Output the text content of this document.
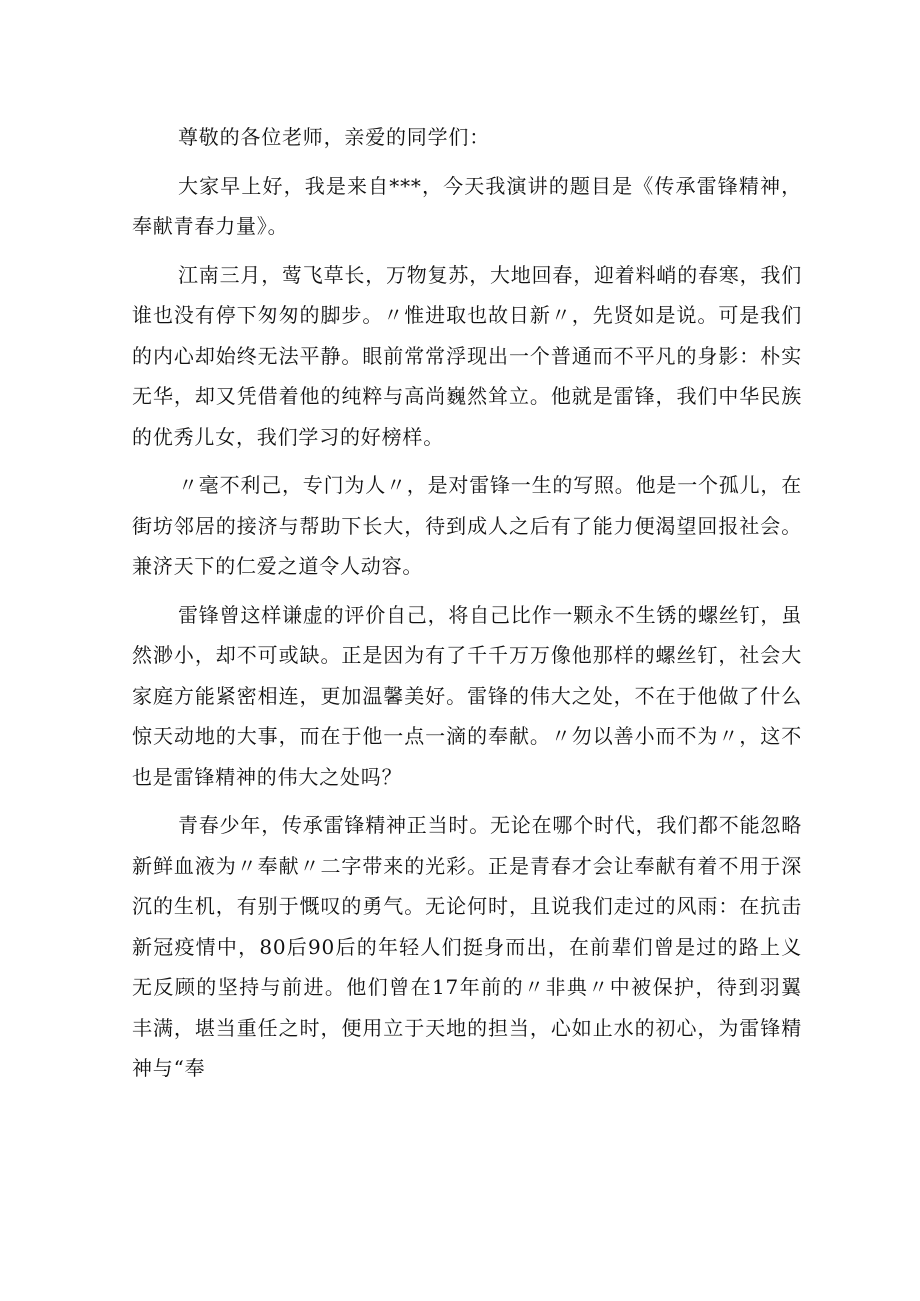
尊敬的各位老师，亲爱的同学们：

大家早上好，我是来自***，今天我演讲的题目是《传承雷锋精神，奉献青春力量》。

江南三月，莺飞草长，万物复苏，大地回春，迎着料峭的春寒，我们谁也没有停下匆匆的脚步。〃惟进取也故日新〃，先贤如是说。可是我们的内心却始终无法平静。眼前常常浮现出一个普通而不平凡的身影：朴实无华，却又凭借着他的纯粹与高尚巍然耸立。他就是雷锋，我们中华民族的优秀儿女，我们学习的好榜样。

〃毫不利己，专门为人〃，是对雷锋一生的写照。他是一个孤儿，在街坊邻居的接济与帮助下长大，待到成人之后有了能力便渴望回报社会。兼济天下的仁爱之道令人动容。

雷锋曾这样谦虚的评价自己，将自己比作一颗永不生锈的螺丝钉，虽然渺小，却不可或缺。正是因为有了千千万万像他那样的螺丝钉，社会大家庭方能紧密相连，更加温馨美好。雷锋的伟大之处，不在于他做了什么惊天动地的大事，而在于他一点一滴的奉献。〃勿以善小而不为〃，这不也是雷锋精神的伟大之处吗？

青春少年，传承雷锋精神正当时。无论在哪个时代，我们都不能忽略新鲜血液为〃奉献〃二字带来的光彩。正是青春才会让奉献有着不用于深沉的生机，有别于慨叹的勇气。无论何时，且说我们走过的风雨：在抗击新冠疫情中，80后90后的年轻人们挺身而出，在前辈们曾是过的路上义无反顾的坚持与前进。他们曾在17年前的〃非典〃中被保护，待到羽翼丰满，堪当重任之时，便用立于天地的担当，心如止水的初心，为雷锋精神与“奉
